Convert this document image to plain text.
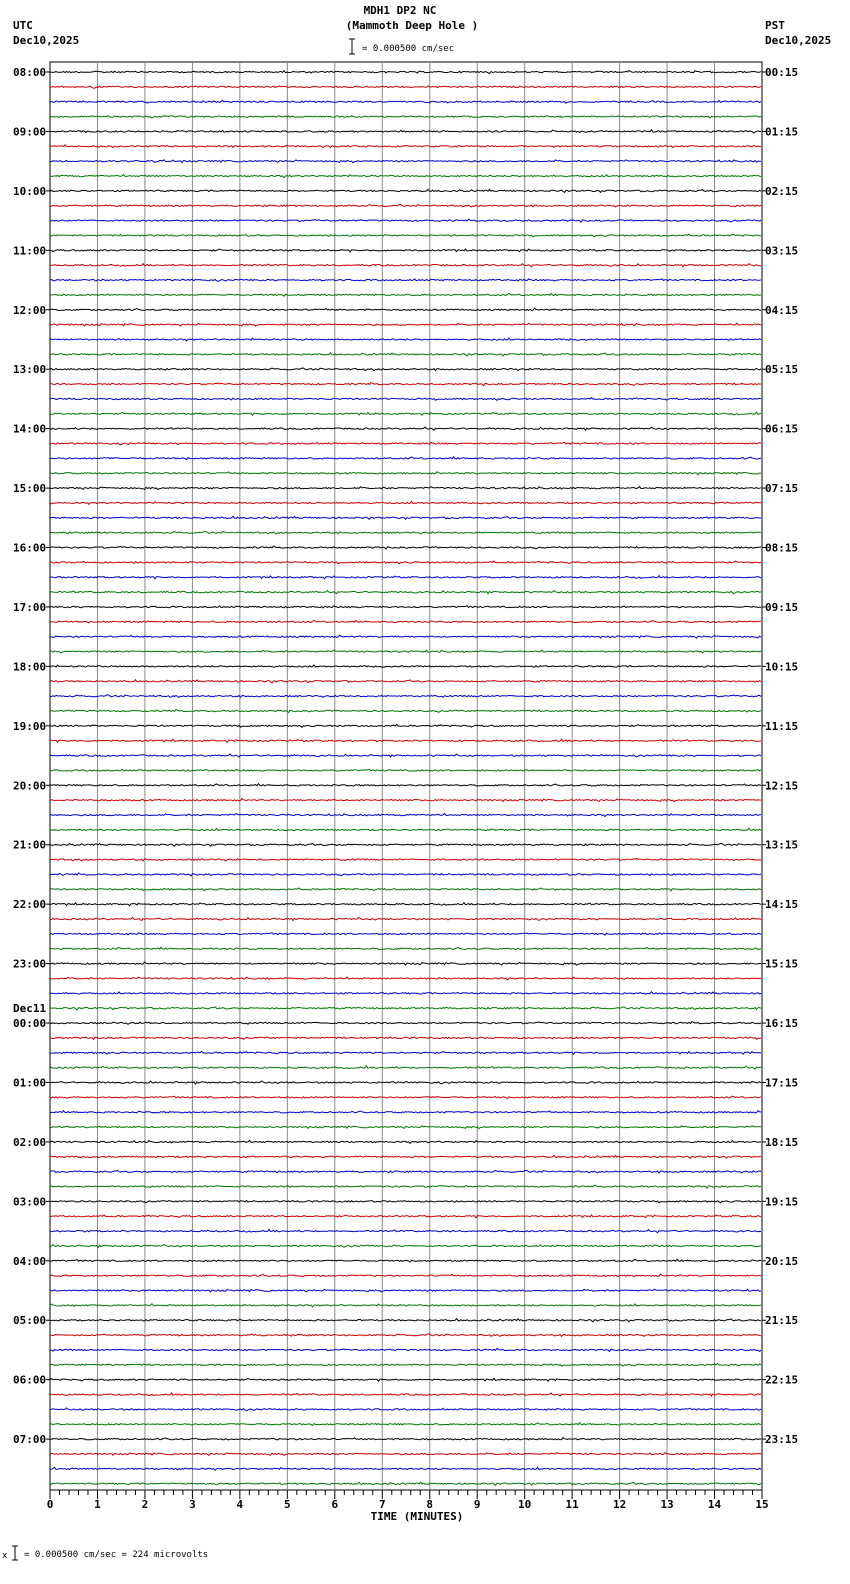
MDH1 DP2 NC
(Mammoth Deep Hole )
UTC
Dec10,2025
PST
Dec10,2025
= 0.000500 cm/sec
x = 0.000500 cm/sec = 224 microvolts
0	1	2	3	4	5	6	7	8	9	10	11	12	13	14	15
08:00
09:00
10:00
11:00
12:00
13:00
14:00
15:00
16:00
17:00
18:00
19:00
20:00
21:00
22:00
23:00
00:00
01:00
02:00
03:00
04:00
05:00
06:00
07:00
00:15
01:15
02:15
03:15
04:15
05:15
06:15
07:15
08:15
09:15
10:15
11:15
12:15
13:15
14:15
15:15
16:15
17:15
18:15
19:15
20:15
21:15
22:15
23:15
Dec11
TIME (MINUTES)
